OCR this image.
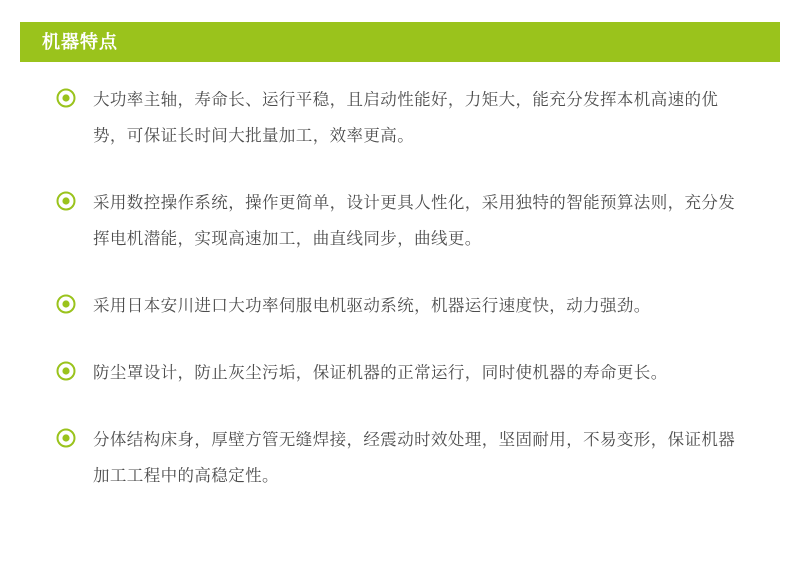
机器特点
大功率主轴，寿命长、运行平稳，且启动性能好，力矩大，能充分发挥本机高速的优势，可保证长时间大批量加工，效率更高。
采用数控操作系统，操作更简单，设计更具人性化，采用独特的智能预算法则，充分发挥电机潜能，实现高速加工，曲直线同步，曲线更。
采用日本安川进口大功率伺服电机驱动系统，机器运行速度快，动力强劲。
防尘罩设计，防止灰尘污垢，保证机器的正常运行，同时使机器的寿命更长。
分体结构床身，厚壁方管无缝焊接，经震动时效处理，坚固耐用，不易变形，保证机器加工工程中的高稳定性。
